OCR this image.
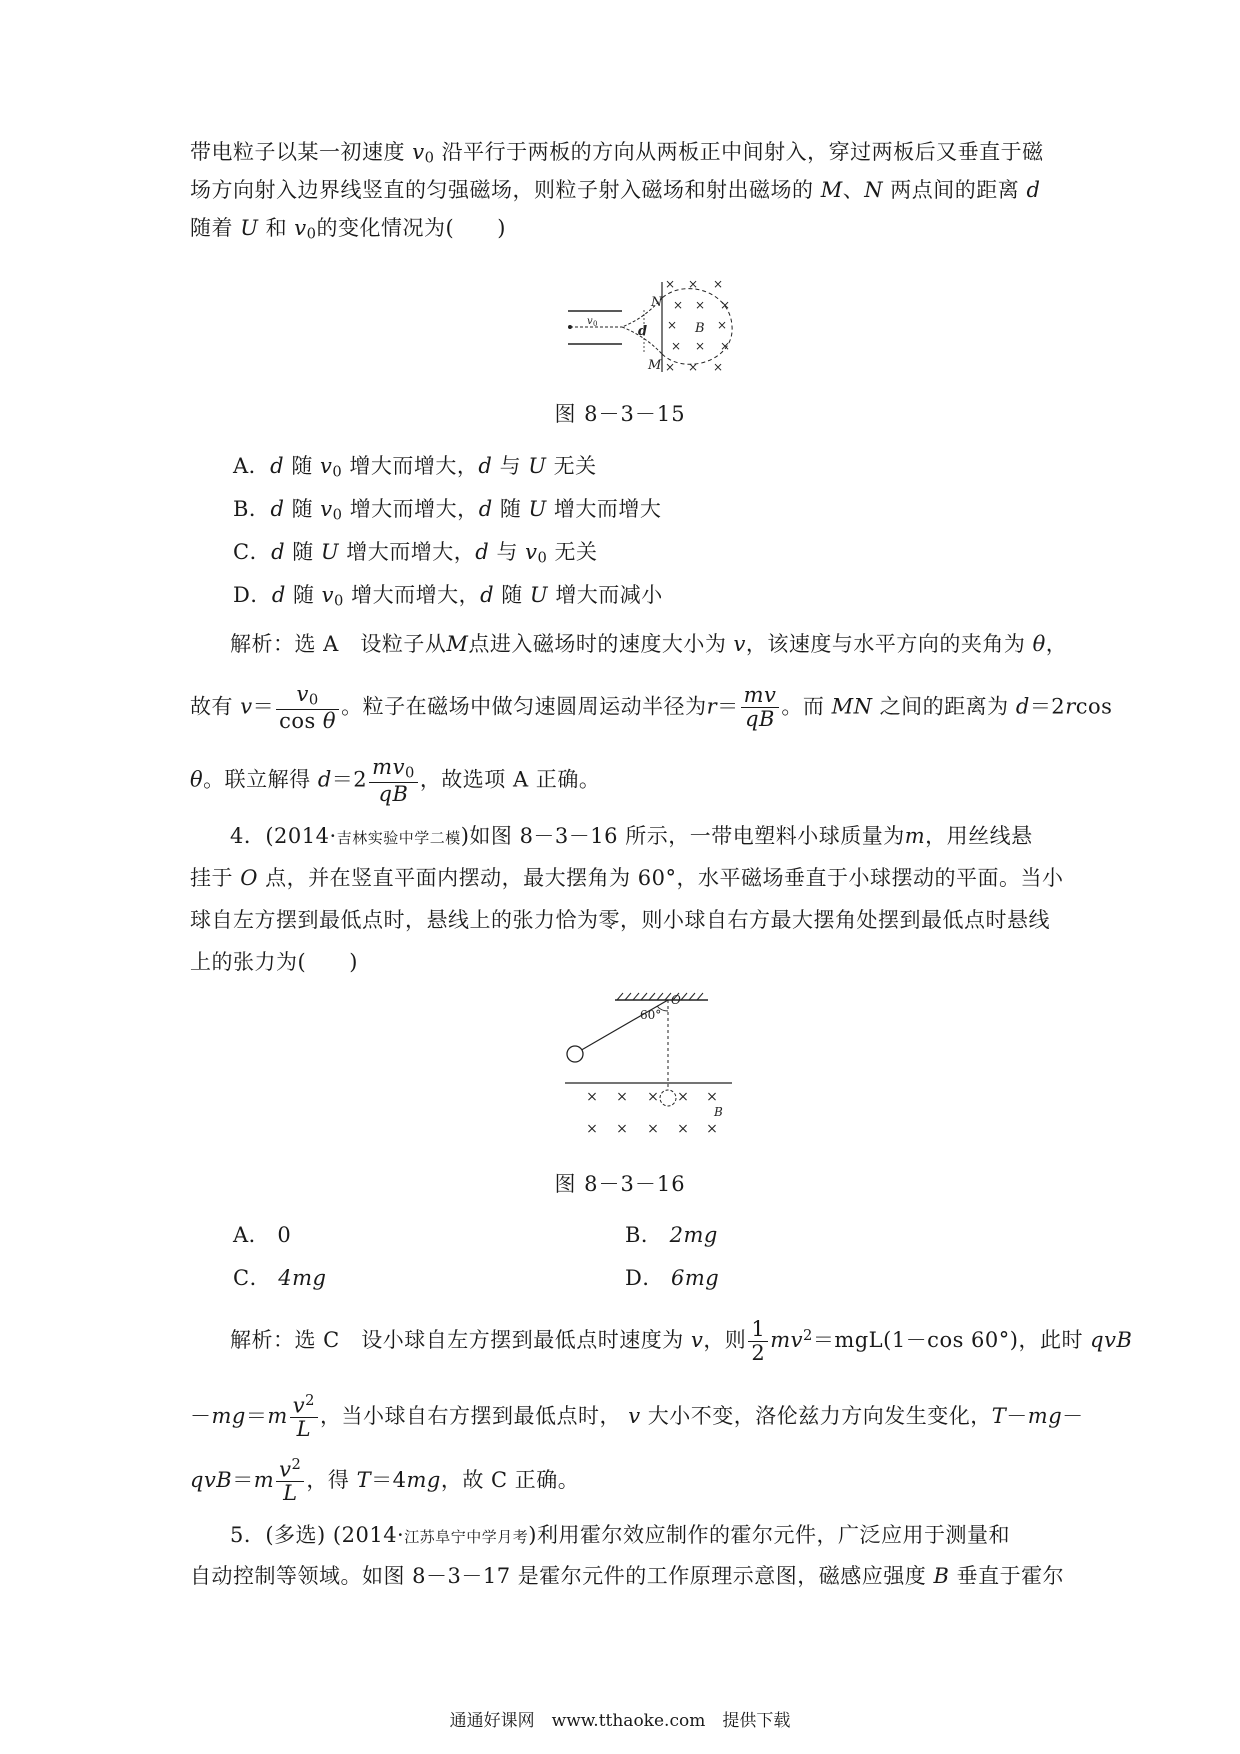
带电粒子以某一初速度 $v_0$ 沿平行于两板的方向从两板正中间射入，穿过两板后又垂直于磁
场方向射入边界线竖直的匀强磁场，则粒子射入磁场和射出磁场的 M、N 两点间的距离 d
随着 U 和 $v_0$的变化情况为(　　)
× × ×
× × ×
×	×
× × ×
× × ×
v 0
N
d	B
M
图 8－3－15
A．d 随 $v_0$ 增大而增大，d 与 U 无关
B．d 随 $v_0$ 增大而增大，d 随 U 增大而增大
C．d 随 U 增大而增大，d 与 $v_0$ 无关
D．d 随 $v_0$ 增大而增大，d 随 U 增大而减小
解析：选 A　设粒子从M点进入磁场时的速度大小为 v，该速度与水平方向的夹角为 θ，
故有 $v= \frac{v_0}{\text{cos θ}}$ 。粒子在磁场中做匀速圆周运动半径为$r= \frac{mv}{qB}$ 。而 MN 之间的距离为 d＝2rcos
θ。联立解得 $d=2 \frac{mv_0}{qB}$ ，故选项 A 正确。
4．(2014·吉林实验中学二模)如图 8－3－16 所示，一带电塑料小球质量为m，用丝线悬
挂于 O 点，并在竖直平面内摆动，最大摆角为 60°，水平磁场垂直于小球摆动的平面。当小
球自左方摆到最低点时，悬线上的张力恰为零，则小球自右方最大摆角处摆到最低点时悬线
上的张力为(　　)
× × × × ×
× × × × ×
O
60°
B
图 8－3－16
A． 0	B． 2mg
C． 4mg	D． 6mg
解析：选 C　设小球自左方摆到最低点时速度为 v，则 $\frac{1}{2} mv^2=mgL(1-\cos$ 60°)，此时 qvB
$-mg=m \frac{v^2}{L}$ ，当小球自右方摆到最低点时， v 大小不变，洛伦兹力方向发生变化，T－mg－
$qvB=m \frac{v^2}{L}$ ，得 T＝4mg，故 C 正确。
5．(多选) (2014·江苏阜宁中学月考)利用霍尔效应制作的霍尔元件，广泛应用于测量和
自动控制等领域。如图 8－3－17 是霍尔元件的工作原理示意图，磁感应强度 B 垂直于霍尔
通通好课网　www.tthaoke.com　提供下载
